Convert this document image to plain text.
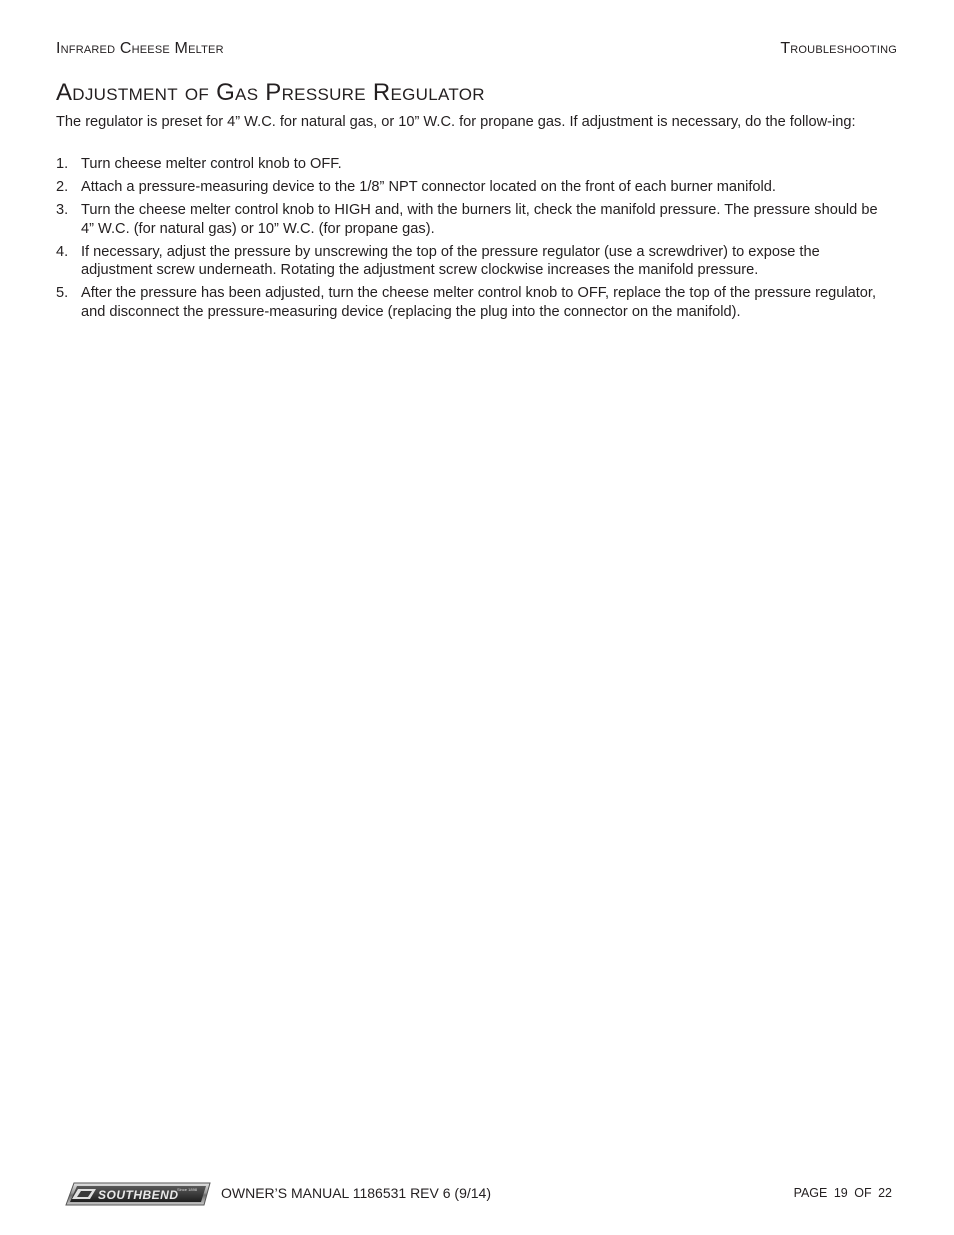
Infrared Cheese Melter	Troubleshooting
Adjustment of Gas Pressure Regulator

The regulator is preset for 4” W.C. for natural gas, or 10” W.C. for propane gas. If adjustment is necessary, do the follow-ing:

1. Turn cheese melter control knob to OFF.
2. Attach a pressure-measuring device to the 1/8” NPT connector located on the front of each burner manifold.
3. Turn the cheese melter control knob to HIGH and, with the burners lit, check the manifold pressure. The pressure should be 4” W.C. (for natural gas) or 10” W.C. (for propane gas).
4. If necessary, adjust the pressure by unscrewing the top of the pressure regulator (use a screwdriver) to expose the adjustment screw underneath. Rotating the adjustment screw clockwise increases the manifold pressure.
5. After the pressure has been adjusted, turn the cheese melter control knob to OFF, replace the top of the pressure regulator, and disconnect the pressure-measuring device (replacing the plug into the connector on the manifold).
SOUTHBEND
Since 1898 OWNER’S MANUAL 1186531 REV 6 (9/14)	PAGE 19 OF 22
